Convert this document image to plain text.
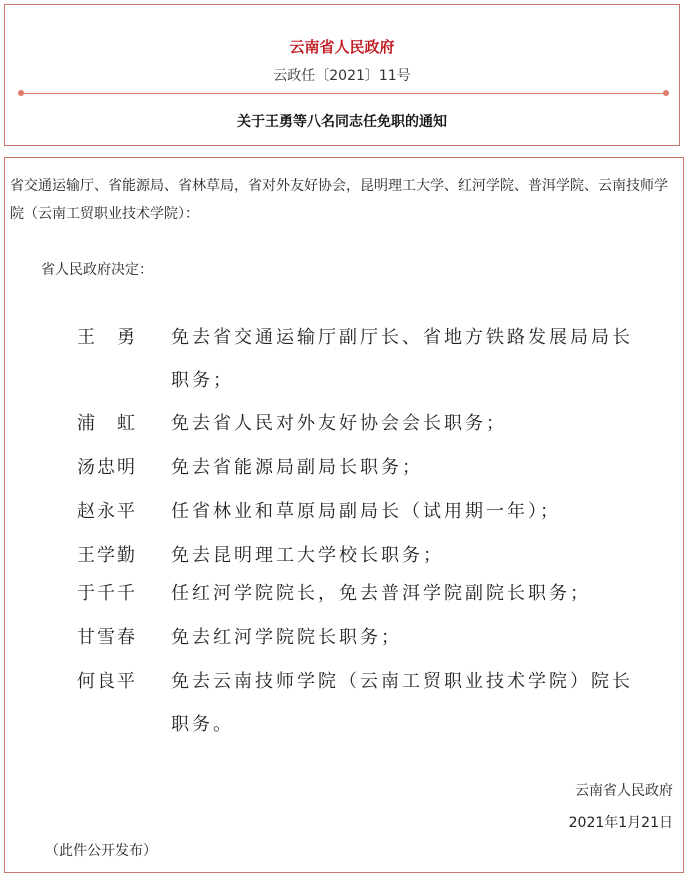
云南省人民政府
云政任〔2021〕11号
关于王勇等八名同志任免职的通知
省交通运输厅、省能源局、省林草局，省对外友好协会，昆明理工大学、红河学院、普洱学院、云南技师学院（云南工贸职业技术学院）：
省人民政府决定：
王　勇	免去省交通运输厅副厅长、省地方铁路发展局局长
职务；
浦　虹	免去省人民对外友好协会会长职务；
汤忠明	免去省能源局副局长职务；
赵永平	任省林业和草原局副局长（试用期一年）；
王学勤	免去昆明理工大学校长职务；
于千千	任红河学院院长，免去普洱学院副院长职务；
甘雪春	免去红河学院院长职务；
何良平	免去云南技师学院（云南工贸职业技术学院）院长
职务。
云南省人民政府
2021年1月21日
（此件公开发布）
